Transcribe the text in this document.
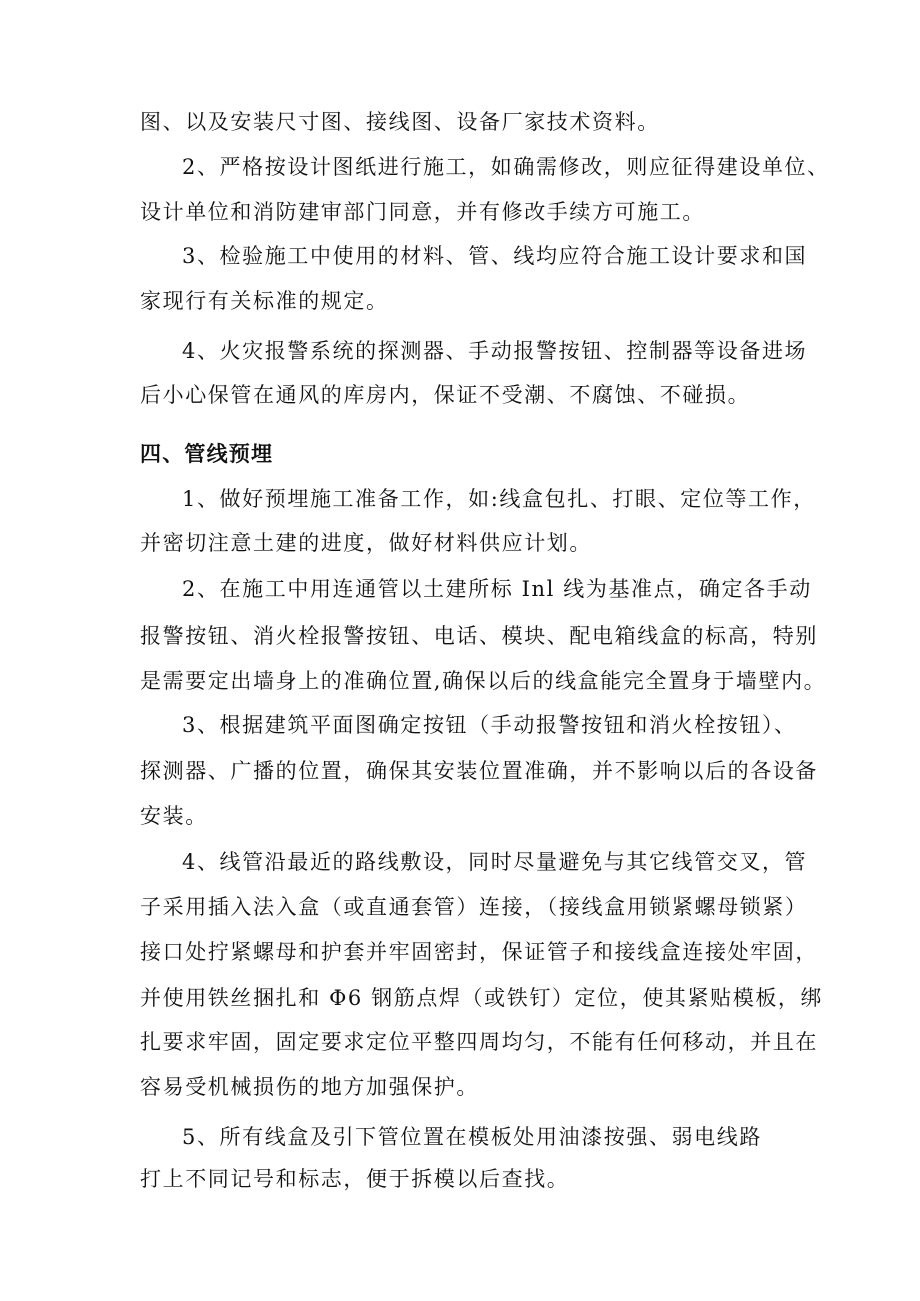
图、以及安装尺寸图、接线图、设备厂家技术资料。
2、严格按设计图纸进行施工，如确需修改，则应征得建设单位、
设计单位和消防建审部门同意，并有修改手续方可施工。
3、检验施工中使用的材料、管、线均应符合施工设计要求和国
家现行有关标准的规定。
4、火灾报警系统的探测器、手动报警按钮、控制器等设备进场
后小心保管在通风的库房内，保证不受潮、不腐蚀、不碰损。
四、管线预埋
1、做好预埋施工准备工作，如:线盒包扎、打眼、定位等工作，
并密切注意土建的进度，做好材料供应计划。
2、在施工中用连通管以土建所标 Inl 线为基准点，确定各手动
报警按钮、消火栓报警按钮、电话、模块、配电箱线盒的标高，特别
是需要定出墙身上的准确位置,确保以后的线盒能完全置身于墙壁内。
3、根据建筑平面图确定按钮（手动报警按钮和消火栓按钮）、
探测器、广播的位置，确保其安装位置准确，并不影响以后的各设备
安装。
4、线管沿最近的路线敷设，同时尽量避免与其它线管交叉，管
子采用插入法入盒（或直通套管）连接，（接线盒用锁紧螺母锁紧）
接口处拧紧螺母和护套并牢固密封，保证管子和接线盒连接处牢固，
并使用铁丝捆扎和 Φ6 钢筋点焊（或铁钉）定位，使其紧贴模板，绑
扎要求牢固，固定要求定位平整四周均匀，不能有任何移动，并且在
容易受机械损伤的地方加强保护。
5、所有线盒及引下管位置在模板处用油漆按强、弱电线路
打上不同记号和标志，便于拆模以后查找。
